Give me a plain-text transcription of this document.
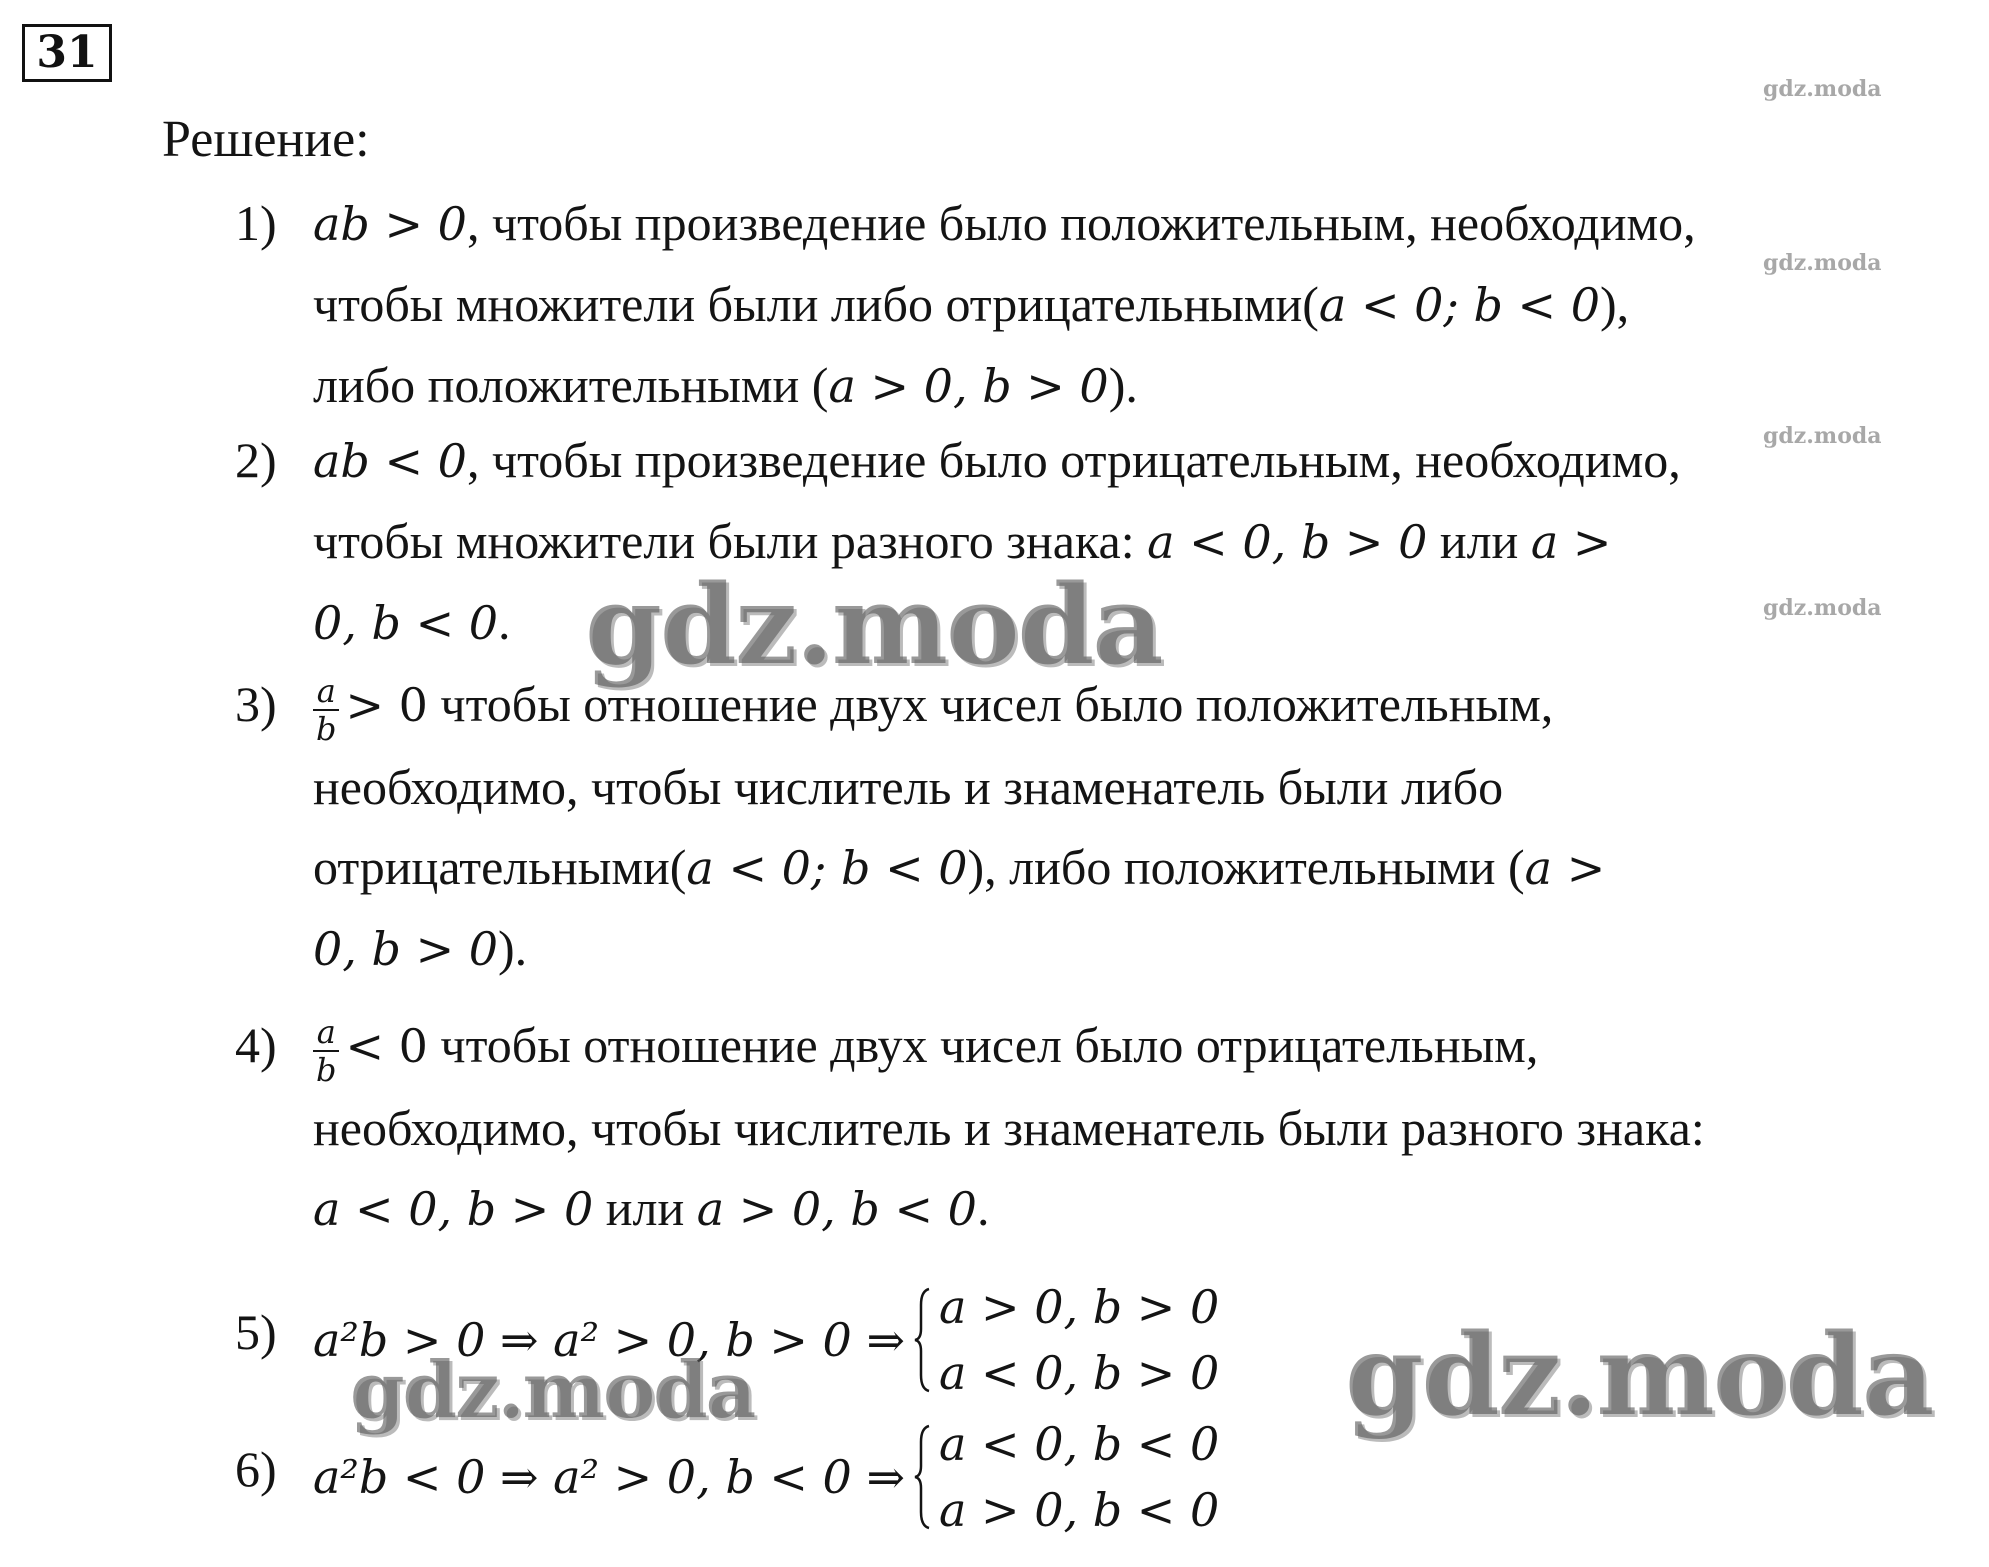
31
Решение:
1) ab > 0, чтобы произведение было положительным, необходимо,
чтобы множители были либо отрицательными(a < 0; b < 0),
либо положительными (a > 0, b > 0).
2) ab < 0, чтобы произведение было отрицательным, необходимо,
чтобы множители были разного знака: a < 0, b > 0 или a >
0, b < 0.
3)	$\frac{a}{b} > 0$ чтобы отношение двух чисел было положительным,
необходимо, чтобы числитель и знаменатель были либо
отрицательными(a < 0; b < 0), либо положительными (a >
0, b > 0).
4)	$\frac{a}{b} < 0$ чтобы отношение двух чисел было отрицательным,
необходимо, чтобы числитель и знаменатель были разного знака:
a < 0, b > 0 или a > 0, b < 0.
5) a²b > 0 ⇒ a² > 0, b > 0 ⇒
a > 0, b > 0
a < 0, b > 0
6) a²b < 0 ⇒ a² > 0, b < 0 ⇒
a < 0, b < 0
a > 0, b < 0
gdz.moda
gdz.moda
gdz.moda
gdz.moda
gdz.moda
gdz.moda	gdz.moda
